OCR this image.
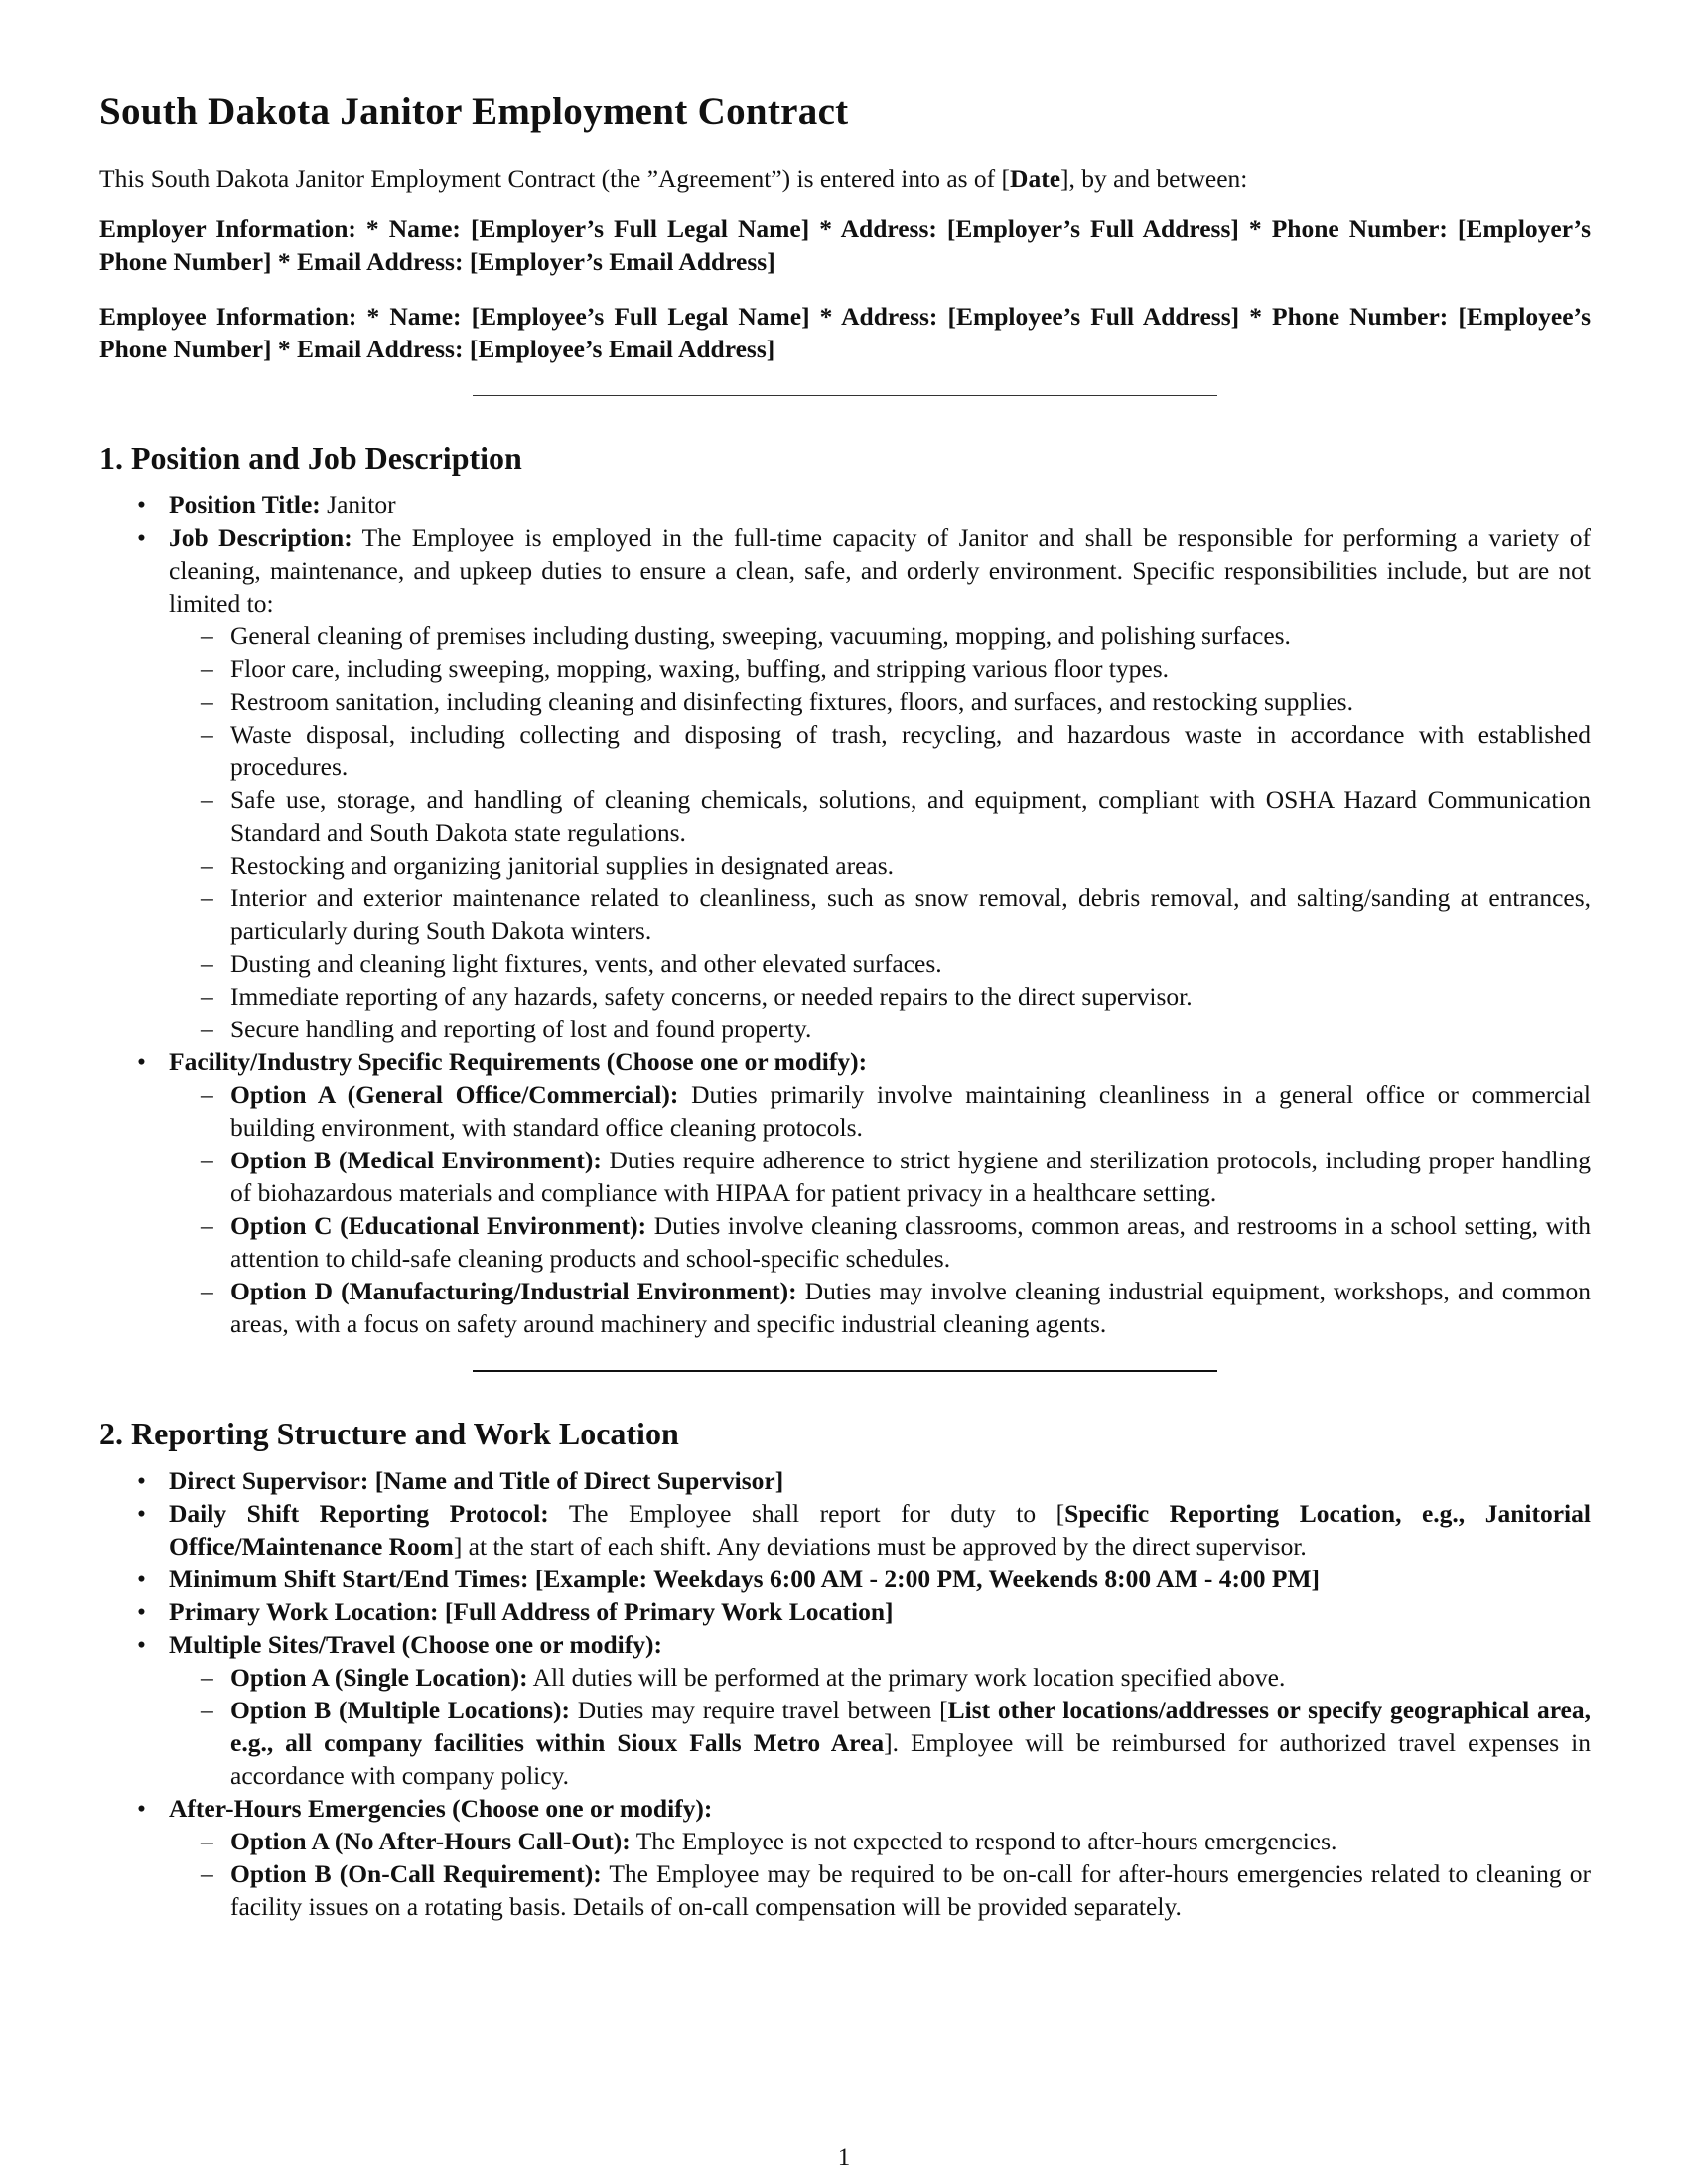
South Dakota Janitor Employment Contract

This South Dakota Janitor Employment Contract (the ”Agreement”) is entered into as of [Date], by and between:

Employer Information: * Name: [Employer’s Full Legal Name] * Address: [Employer’s Full Address] * Phone Number: [Employer’s Phone Number] * Email Address: [Employer’s Email Address]

Employee Information: * Name: [Employee’s Full Legal Name] * Address: [Employee’s Full Address] * Phone Number: [Employee’s Phone Number] * Email Address: [Employee’s Email Address]

1. Position and Job Description
• Position Title: Janitor
• Job Description: The Employee is employed in the full-time capacity of Janitor and shall be responsible for performing a variety of cleaning, maintenance, and upkeep duties to ensure a clean, safe, and orderly environment. Specific responsibilities include, but are not limited to:
– General cleaning of premises including dusting, sweeping, vacuuming, mopping, and polishing surfaces.
– Floor care, including sweeping, mopping, waxing, buffing, and stripping various floor types.
– Restroom sanitation, including cleaning and disinfecting fixtures, floors, and surfaces, and restocking supplies.
– Waste disposal, including collecting and disposing of trash, recycling, and hazardous waste in accordance with established procedures.
– Safe use, storage, and handling of cleaning chemicals, solutions, and equipment, compliant with OSHA Hazard Communication Standard and South Dakota state regulations.
– Restocking and organizing janitorial supplies in designated areas.
– Interior and exterior maintenance related to cleanliness, such as snow removal, debris removal, and salting/sanding at entrances, particularly during South Dakota winters.
– Dusting and cleaning light fixtures, vents, and other elevated surfaces.
– Immediate reporting of any hazards, safety concerns, or needed repairs to the direct supervisor.
– Secure handling and reporting of lost and found property.
• Facility/Industry Specific Requirements (Choose one or modify):
– Option A (General Office/Commercial): Duties primarily involve maintaining cleanliness in a general office or commercial building environment, with standard office cleaning protocols.
– Option B (Medical Environment): Duties require adherence to strict hygiene and sterilization protocols, including proper handling of biohazardous materials and compliance with HIPAA for patient privacy in a healthcare setting.
– Option C (Educational Environment): Duties involve cleaning classrooms, common areas, and restrooms in a school setting, with attention to child-safe cleaning products and school-specific schedules.
– Option D (Manufacturing/Industrial Environment): Duties may involve cleaning industrial equipment, workshops, and common areas, with a focus on safety around machinery and specific industrial cleaning agents.
2. Reporting Structure and Work Location
• Direct Supervisor: [Name and Title of Direct Supervisor]
• Daily Shift Reporting Protocol: The Employee shall report for duty to [Specific Reporting Location, e.g., Janitorial Office/Maintenance Room] at the start of each shift. Any deviations must be approved by the direct supervisor.
• Minimum Shift Start/End Times: [Example: Weekdays 6:00 AM - 2:00 PM, Weekends 8:00 AM - 4:00 PM]
• Primary Work Location: [Full Address of Primary Work Location]
• Multiple Sites/Travel (Choose one or modify):
– Option A (Single Location): All duties will be performed at the primary work location specified above.
– Option B (Multiple Locations): Duties may require travel between [List other locations/addresses or specify geographical area, e.g., all company facilities within Sioux Falls Metro Area]. Employee will be reimbursed for authorized travel expenses in accordance with company policy.
• After-Hours Emergencies (Choose one or modify):
– Option A (No After-Hours Call-Out): The Employee is not expected to respond to after-hours emergencies.
– Option B (On-Call Requirement): The Employee may be required to be on-call for after-hours emergencies related to cleaning or facility issues on a rotating basis. Details of on-call compensation will be provided separately.
1
